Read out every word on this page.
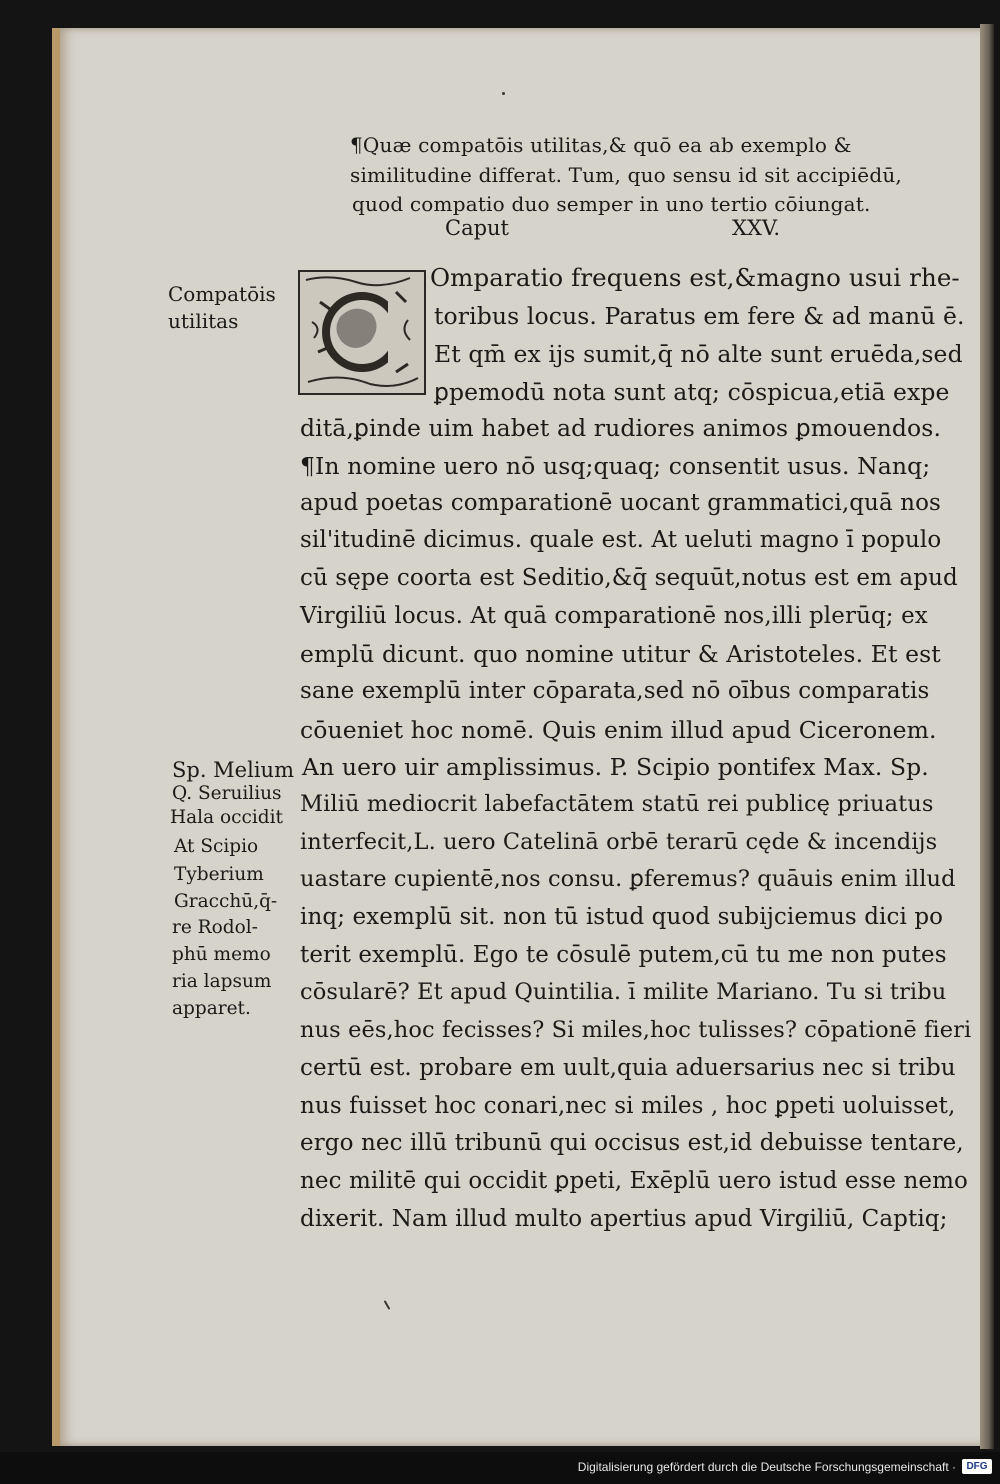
¶Quæ compatōis utilitas,& quō ea ab exemplo &

similitudine differat. Tum, quo sensu id sit accipiēdū,

quod compatio duo semper in uno tertio cōiungat.

Caput	XXV.

Compatōis

utilitas

Sp. Melium

Q. Seruilius

Hala occidit

At Scipio

Tyberium

Gracchū,q̄-

re Rodol-

phū memo

ria lapsum

apparet.

Omparatio frequens est,&magno usui rhe-

toribus locus. Paratus em fere & ad manū ē.

Et qm̄ ex ijs sumit,q̄ nō alte sunt eruēda,sed

ꝑpemodū nota sunt atq; cōspicua,etiā expe

ditā,ꝑinde uim habet ad rudiores animos ꝑmouendos.

¶In nomine uero nō usq;quaq; consentit usus. Nanq;

apud poetas comparationē uocant grammatici,quā nos

sil'itudinē dicimus. quale est. At ueluti magno ī populo

cū sępe coorta est Seditio,&q̄ sequūt,notus est em apud

Virgiliū locus. At quā comparationē nos,illi plerūq; ex

emplū dicunt. quo nomine utitur & Aristoteles. Et est

sane exemplū inter cōparata,sed nō oībus comparatis

cōueniet hoc nomē. Quis enim illud apud Ciceronem.

An uero uir amplissimus. P. Scipio pontifex Max. Sp.

Miliū mediocrit labefactātem statū rei publicę priuatus

interfecit,L. uero Catelinā orbē terarū cęde & incendijs

uastare cupientē,nos consu. ꝑferemus? quāuis enim illud

inq; exemplū sit. non tū istud quod subijciemus dici po

terit exemplū. Ego te cōsulē putem,cū tu me non putes

cōsularē? Et apud Quintilia. ī milite Mariano. Tu si tribu

nus eēs,hoc fecisses? Si miles,hoc tulisses? cōpationē fieri

certū est. probare em uult,quia aduersarius nec si tribu

nus fuisset hoc conari,nec si miles , hoc ꝑpeti uoluisset,

ergo nec illū tribunū qui occisus est,id debuisse tentare,

nec militē qui occidit ꝑpeti, Exēplū uero istud esse nemo

dixerit. Nam illud multo apertius apud Virgiliū, Captiq;

Digitalisierung gefördert durch die Deutsche Forschungsgemeinschaft ·	DFG
